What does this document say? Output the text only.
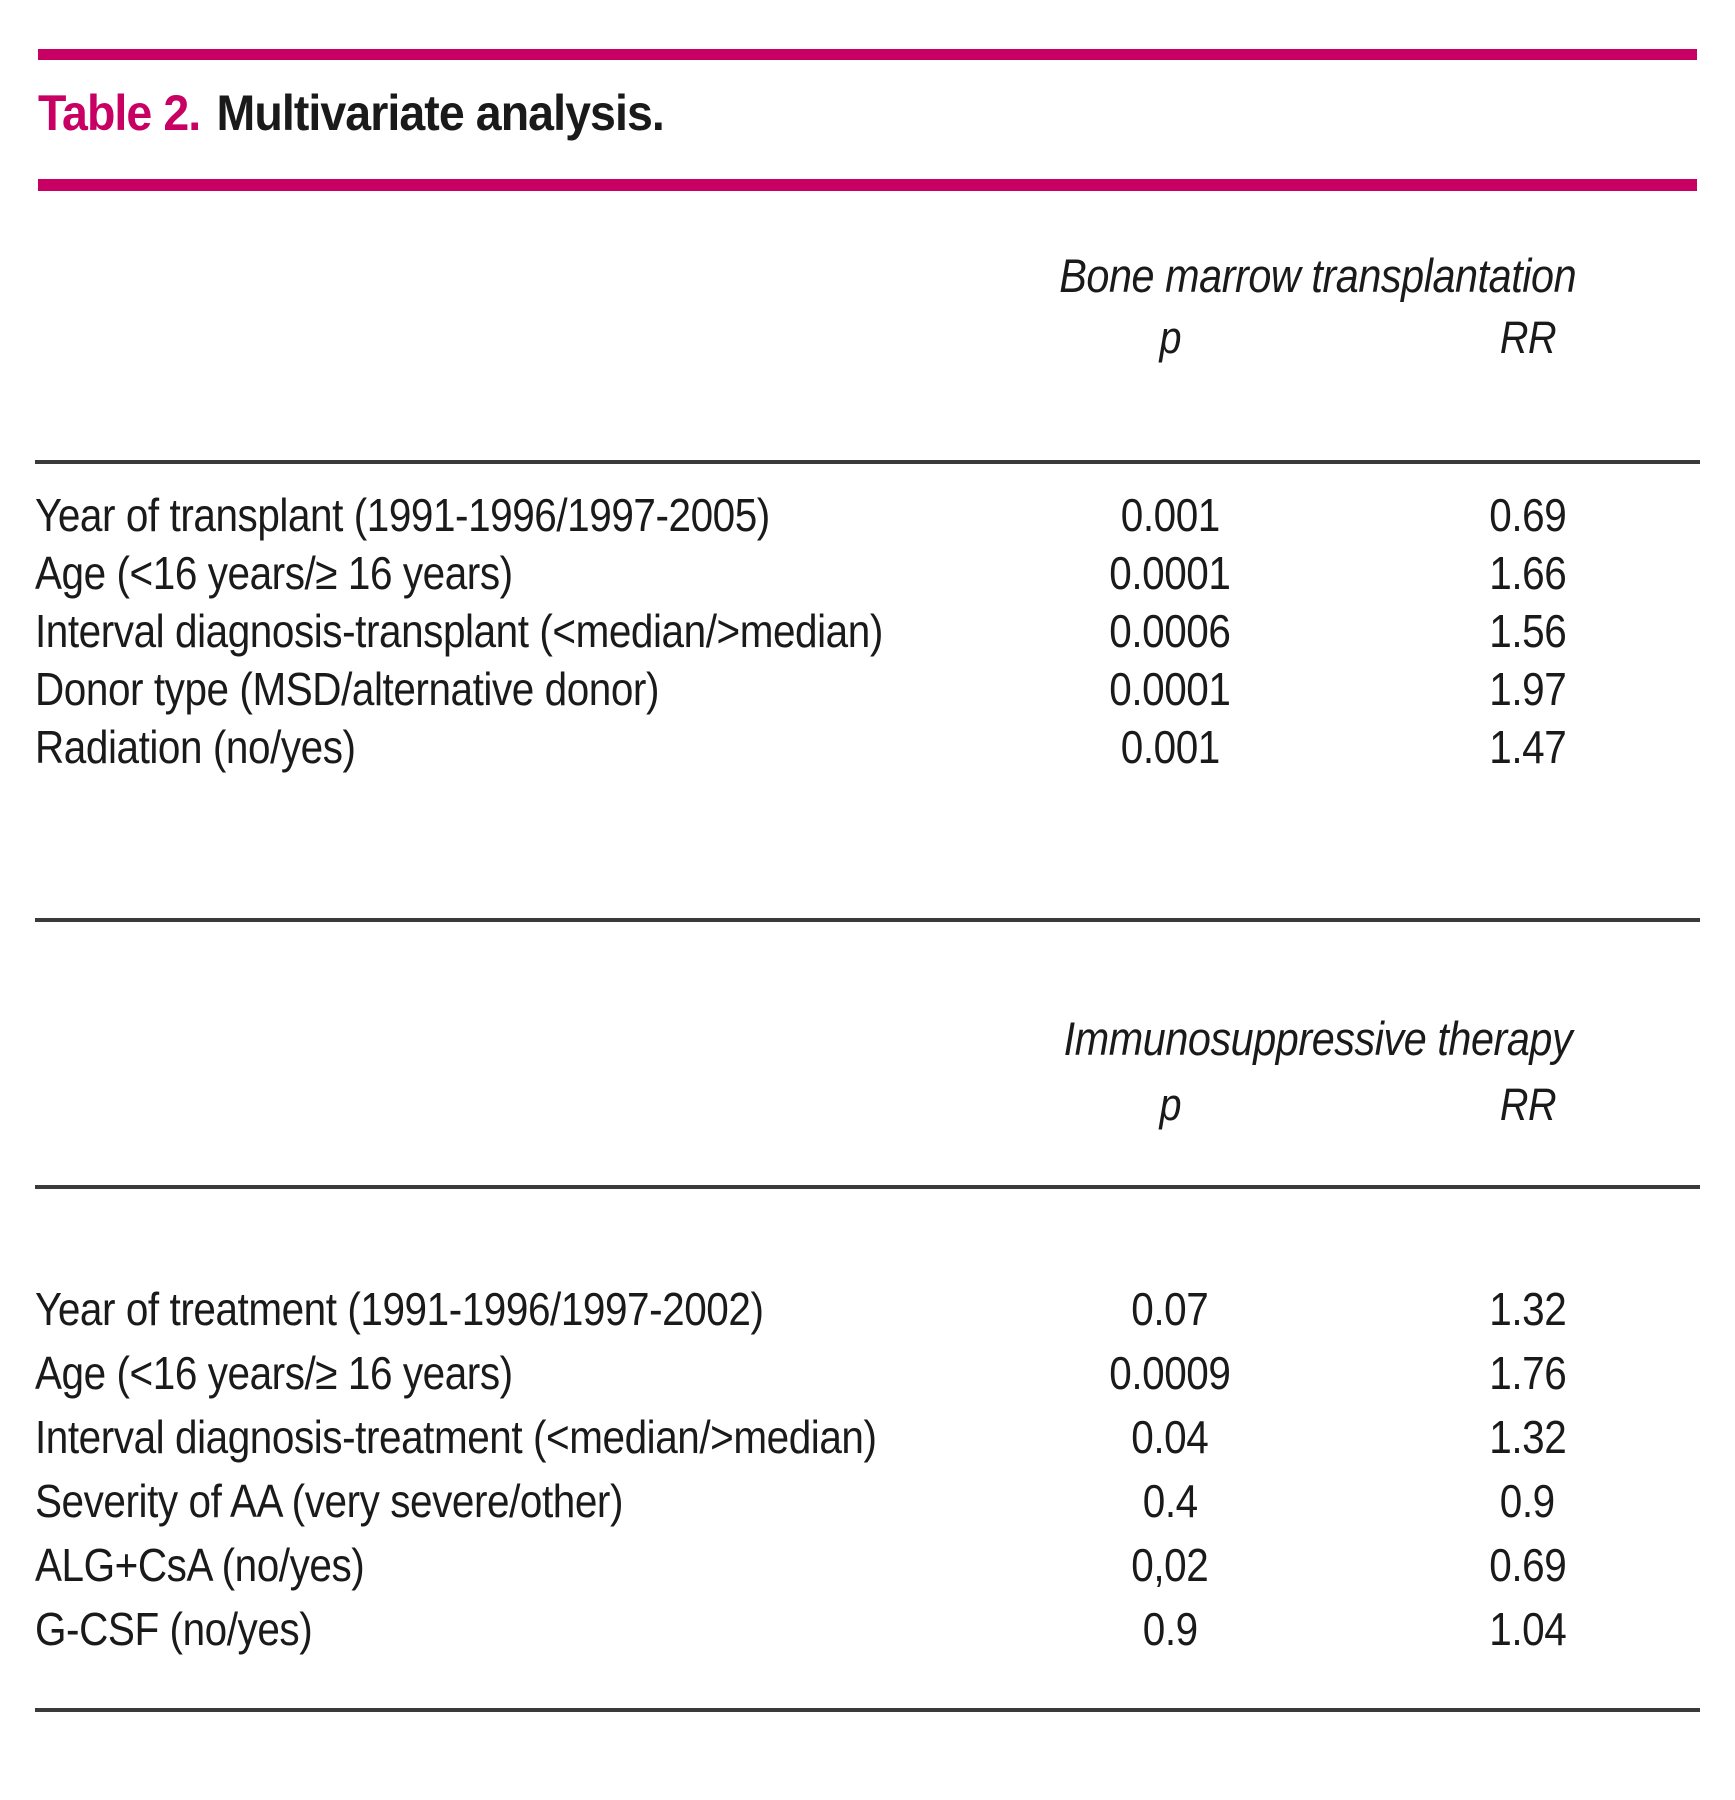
Table 2. Multivariate analysis.
Bone marrow transplantation
p	RR
Year of transplant (1991-1996/1997-2005)	0.001	0.69
Age (<16 years/≥ 16 years)	0.0001	1.66
Interval diagnosis-transplant (<median/>median)	0.0006	1.56
Donor type (MSD/alternative donor)	0.0001	1.97
Radiation (no/yes)	0.001	1.47
Immunosuppressive therapy
p	RR
Year of treatment (1991-1996/1997-2002)	0.07	1.32
Age (<16 years/≥ 16 years)	0.0009	1.76
Interval diagnosis-treatment (<median/>median)	0.04	1.32
Severity of AA (very severe/other)	0.4	0.9
ALG+CsA (no/yes)	0,02	0.69
G-CSF (no/yes)	0.9	1.04
